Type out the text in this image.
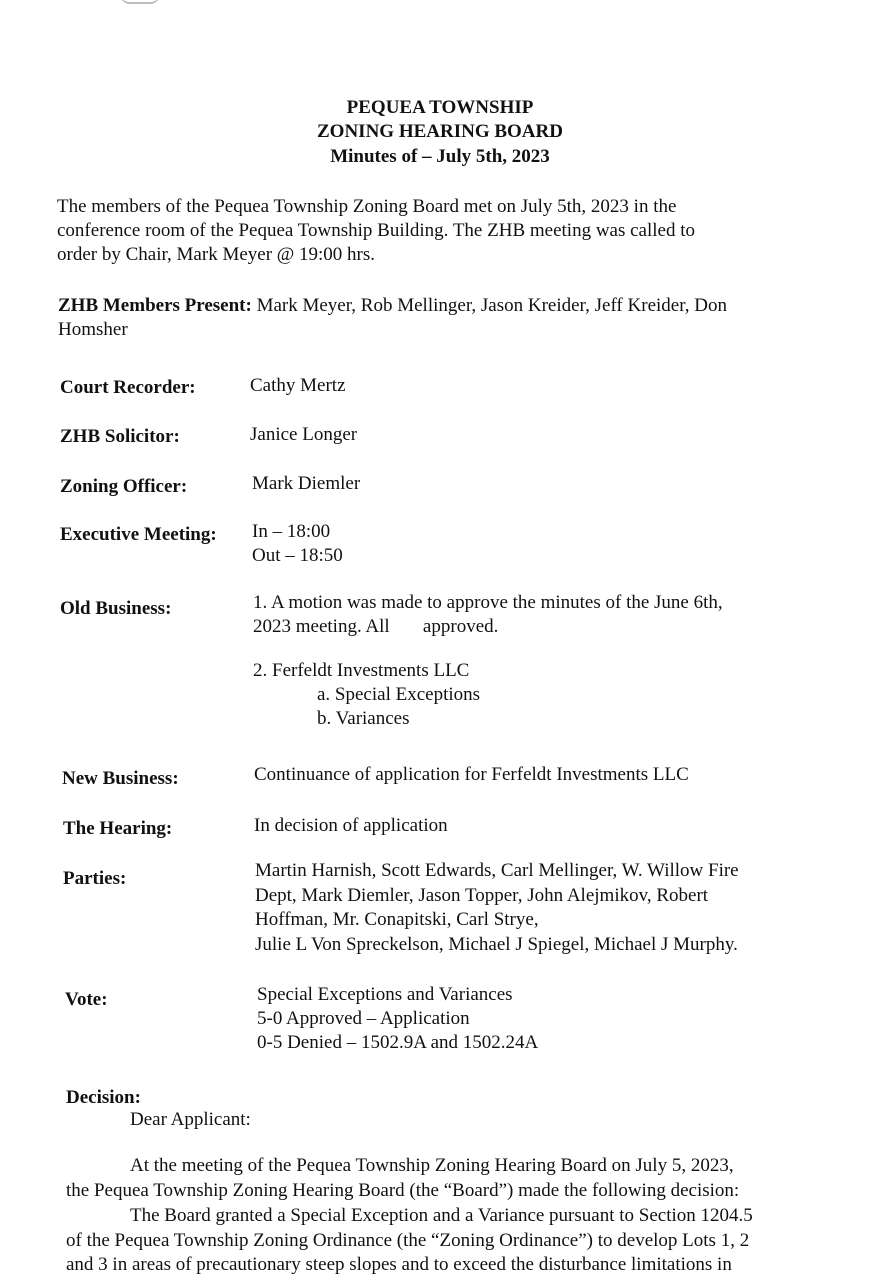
PEQUEA TOWNSHIP
ZONING HEARING BOARD
Minutes of – July 5th, 2023
The members of the Pequea Township Zoning Board met on July 5th, 2023 in the
conference room of the Pequea Township Building. The ZHB meeting was called to
order by Chair, Mark Meyer @ 19:00 hrs.
ZHB Members Present: Mark Meyer, Rob Mellinger, Jason Kreider, Jeff Kreider, Don
Homsher
Court Recorder:	Cathy Mertz
ZHB Solicitor:	Janice Longer
Zoning Officer:	Mark Diemler
Executive Meeting: In – 18:00
Out – 18:50
Old Business:	1. A motion was made to approve the minutes of the June 6th,
2023 meeting. All       approved.
2. Ferfeldt Investments LLC
a. Special Exceptions
b. Variances
New Business:	Continuance of application for Ferfeldt Investments LLC
The Hearing:	In decision of application
Parties:	Martin Harnish, Scott Edwards, Carl Mellinger, W. Willow Fire
Dept, Mark Diemler, Jason Topper, John Alejmikov, Robert
Hoffman, Mr. Conapitski, Carl Strye,
Julie L Von Spreckelson, Michael J Spiegel, Michael J Murphy.
Vote:	Special Exceptions and Variances
5-0 Approved – Application
0-5 Denied – 1502.9A and 1502.24A
Decision:
Dear Applicant:
At the meeting of the Pequea Township Zoning Hearing Board on July 5, 2023,
the Pequea Township Zoning Hearing Board (the “Board”) made the following decision:
The Board granted a Special Exception and a Variance pursuant to Section 1204.5
of the Pequea Township Zoning Ordinance (the “Zoning Ordinance”) to develop Lots 1, 2
and 3 in areas of precautionary steep slopes and to exceed the disturbance limitations in
